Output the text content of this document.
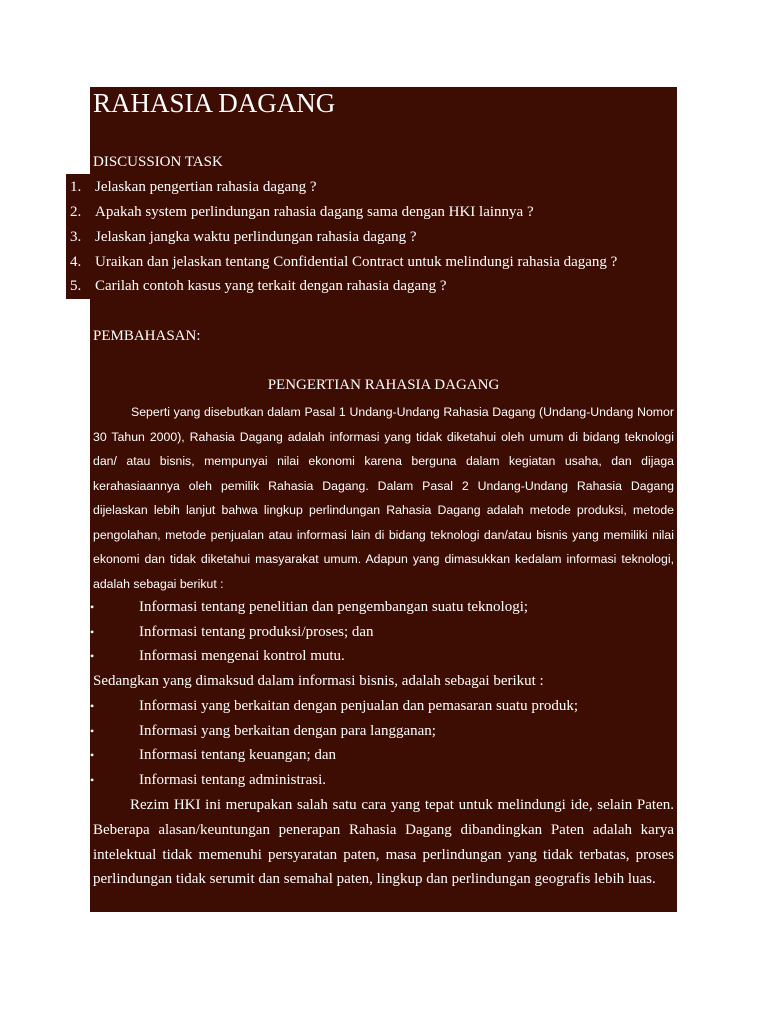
RAHASIA DAGANG
DISCUSSION TASK
1. Jelaskan pengertian rahasia dagang ?
2. Apakah system perlindungan rahasia dagang sama dengan HKI lainnya ?
3. Jelaskan jangka waktu perlindungan rahasia dagang ?
4. Uraikan dan jelaskan tentang Confidential Contract untuk melindungi rahasia dagang ?
5. Carilah contoh kasus yang terkait dengan rahasia dagang ?
PEMBAHASAN:
PENGERTIAN RAHASIA DAGANG

Seperti yang disebutkan dalam Pasal 1 Undang-Undang Rahasia Dagang (Undang-Undang Nomor 30 Tahun 2000), Rahasia Dagang adalah informasi yang tidak diketahui oleh umum di bidang teknologi dan/ atau bisnis, mempunyai nilai ekonomi karena berguna dalam kegiatan usaha, dan dijaga kerahasiaannya oleh pemilik Rahasia Dagang. Dalam Pasal 2 Undang-Undang Rahasia Dagang dijelaskan lebih lanjut bahwa lingkup perlindungan Rahasia Dagang adalah metode produksi, metode pengolahan, metode penjualan atau informasi lain di bidang teknologi dan/atau bisnis yang memiliki nilai ekonomi dan tidak diketahui masyarakat umum. Adapun yang dimasukkan kedalam informasi teknologi, adalah sebagai berikut :

•	Informasi tentang penelitian dan pengembangan suatu teknologi;
•	Informasi tentang produksi/proses; dan
•	Informasi mengenai kontrol mutu.
Sedangkan yang dimaksud dalam informasi bisnis, adalah sebagai berikut :
•	Informasi yang berkaitan dengan penjualan dan pemasaran suatu produk;
•	Informasi yang berkaitan dengan para langganan;
•	Informasi tentang keuangan; dan
•	Informasi tentang administrasi.

Rezim HKI ini merupakan salah satu cara yang tepat untuk melindungi ide, selain Paten. Beberapa alasan/keuntungan penerapan Rahasia Dagang dibandingkan Paten adalah karya intelektual tidak memenuhi persyaratan paten, masa perlindungan yang tidak terbatas, proses perlindungan tidak serumit dan semahal paten, lingkup dan perlindungan geografis lebih luas.
